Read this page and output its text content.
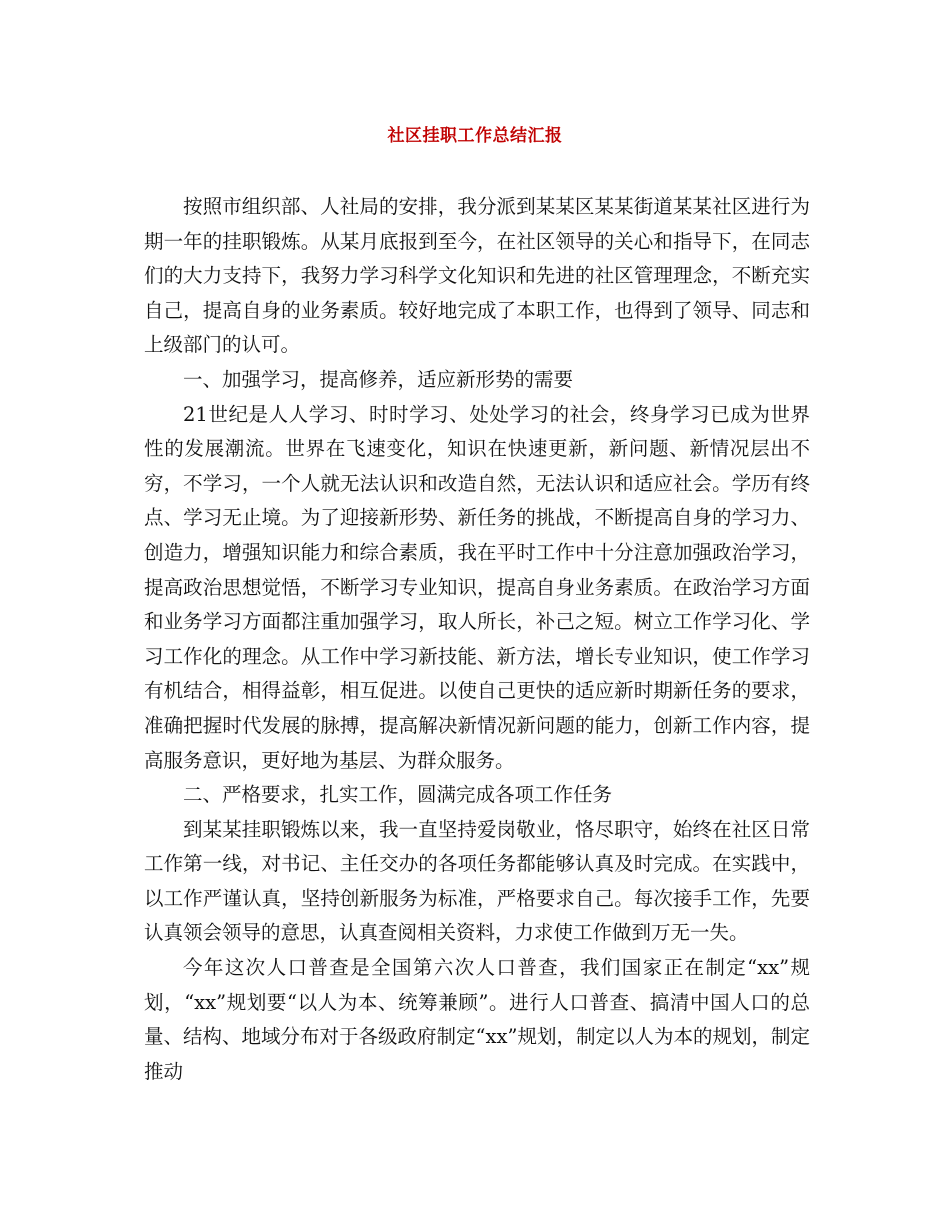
社区挂职工作总结汇报

按照市组织部、人社局的安排，我分派到某某区某某街道某某社区进行为期一年的挂职锻炼。从某月底报到至今，在社区领导的关心和指导下，在同志们的大力支持下，我努力学习科学文化知识和先进的社区管理理念，不断充实自己，提高自身的业务素质。较好地完成了本职工作，也得到了领导、同志和上级部门的认可。

一、加强学习，提高修养，适应新形势的需要

21世纪是人人学习、时时学习、处处学习的社会，终身学习已成为世界性的发展潮流。世界在飞速变化，知识在快速更新，新问题、新情况层出不穷，不学习，一个人就无法认识和改造自然，无法认识和适应社会。学历有终点、学习无止境。为了迎接新形势、新任务的挑战，不断提高自身的学习力、创造力，增强知识能力和综合素质，我在平时工作中十分注意加强政治学习，提高政治思想觉悟，不断学习专业知识，提高自身业务素质。在政治学习方面和业务学习方面都注重加强学习，取人所长，补己之短。树立工作学习化、学习工作化的理念。从工作中学习新技能、新方法，增长专业知识，使工作学习有机结合，相得益彰，相互促进。以使自己更快的适应新时期新任务的要求，准确把握时代发展的脉搏，提高解决新情况新问题的能力，创新工作内容，提高服务意识，更好地为基层、为群众服务。

二、严格要求，扎实工作，圆满完成各项工作任务

到某某挂职锻炼以来，我一直坚持爱岗敬业，恪尽职守，始终在社区日常工作第一线，对书记、主任交办的各项任务都能够认真及时完成。在实践中，以工作严谨认真，坚持创新服务为标准，严格要求自己。每次接手工作，先要认真领会领导的意思，认真查阅相关资料，力求使工作做到万无一失。

今年这次人口普查是全国第六次人口普查，我们国家正在制定“xx”规划，“xx”规划要“以人为本、统筹兼顾”。进行人口普查、搞清中国人口的总量、结构、地域分布对于各级政府制定“xx”规划，制定以人为本的规划，制定推动
